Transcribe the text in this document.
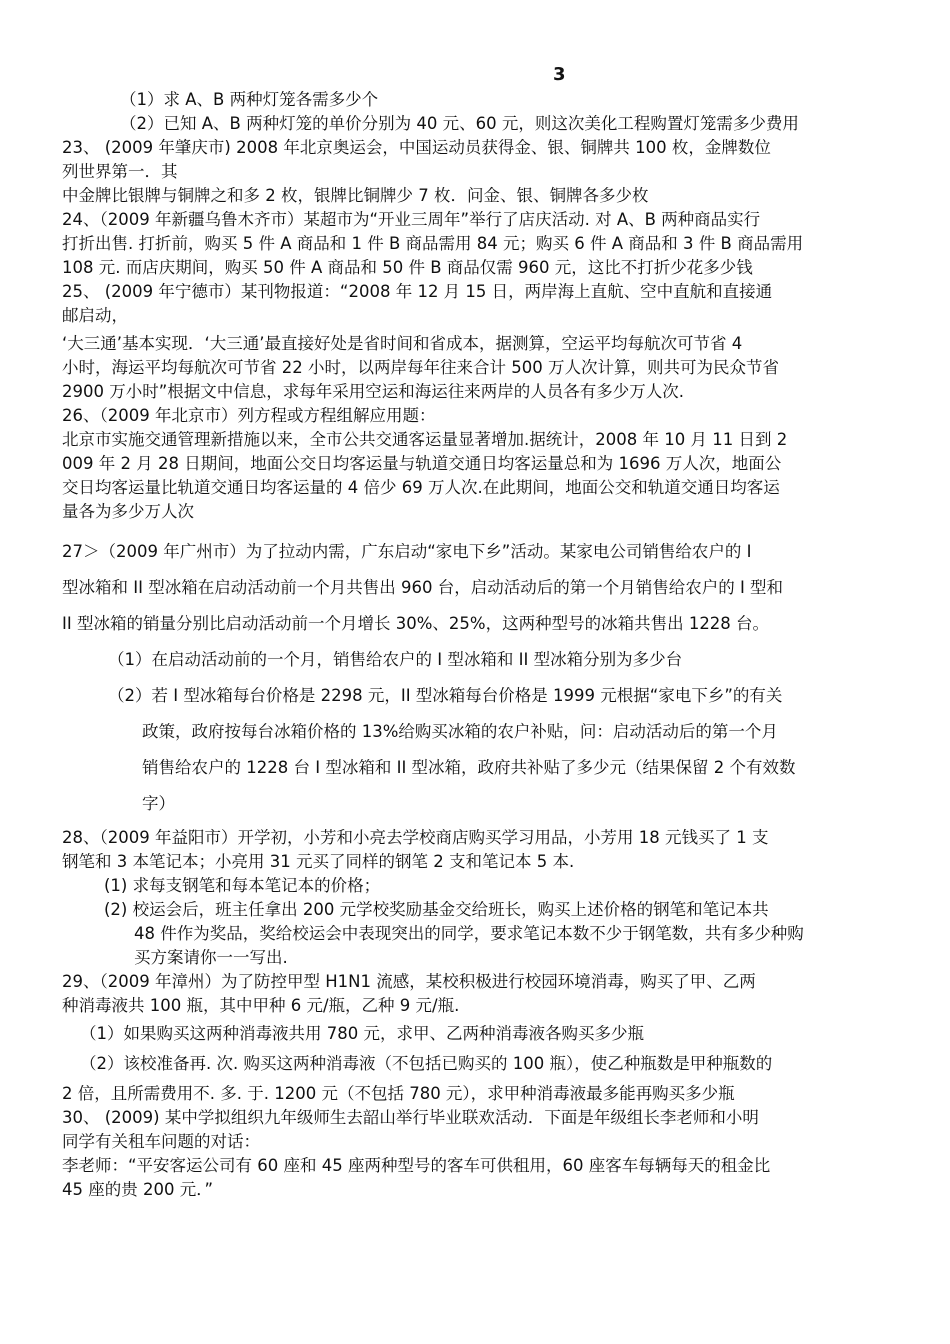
3
（1）求 A、B 两种灯笼各需多少个
（2）已知 A、B 两种灯笼的单价分别为 40 元、60 元，则这次美化工程购置灯笼需多少费用
23、 (2009 年肇庆市) 2008 年北京奥运会，中国运动员获得金、银、铜牌共 100 枚，金牌数位
列世界第一．其
中金牌比银牌与铜牌之和多 2 枚，银牌比铜牌少 7 枚．问金、银、铜牌各多少枚
24、（2009 年新疆乌鲁木齐市）某超市为“开业三周年”举行了店庆活动. 对 A、B 两种商品实行
打折出售. 打折前，购买 5 件 A 商品和 1 件 B 商品需用 84 元；购买 6 件 A 商品和 3 件 B 商品需用
108 元. 而店庆期间，购买 50 件 A 商品和 50 件 B 商品仅需 960 元，这比不打折少花多少钱
25、 (2009 年宁德市）某刊物报道：“2008 年 12 月 15 日，两岸海上直航、空中直航和直接通
邮启动，
‘大三通’基本实现．‘大三通’最直接好处是省时间和省成本，据测算，空运平均每航次可节省 4
小时，海运平均每航次可节省 22 小时，以两岸每年往来合计 500 万人次计算，则共可为民众节省
2900 万小时”根据文中信息，求每年采用空运和海运往来两岸的人员各有多少万人次.
26、（2009 年北京市）列方程或方程组解应用题：
北京市实施交通管理新措施以来，全市公共交通客运量显著增加.据统计，2008 年 10 月 11 日到 2
009 年 2 月 28 日期间，地面公交日均客运量与轨道交通日均客运量总和为 1696 万人次，地面公
交日均客运量比轨道交通日均客运量的 4 倍少 69 万人次.在此期间，地面公交和轨道交通日均客运
量各为多少万人次
27＞（2009 年广州市）为了拉动内需，广东启动“家电下乡”活动。某家电公司销售给农户的 I
型冰箱和 II 型冰箱在启动活动前一个月共售出 960 台，启动活动后的第一个月销售给农户的 I 型和
II 型冰箱的销量分别比启动活动前一个月增长 30%、25%，这两种型号的冰箱共售出 1228 台。
（1）在启动活动前的一个月，销售给农户的 I 型冰箱和 II 型冰箱分别为多少台
（2）若 I 型冰箱每台价格是 2298 元，II 型冰箱每台价格是 1999 元根据“家电下乡”的有关
政策，政府按每台冰箱价格的 13%给购买冰箱的农户补贴，问：启动活动后的第一个月
销售给农户的 1228 台 I 型冰箱和 II 型冰箱，政府共补贴了多少元（结果保留 2 个有效数
字）
28、（2009 年益阳市）开学初，小芳和小亮去学校商店购买学习用品，小芳用 18 元钱买了 1 支
钢笔和 3 本笔记本；小亮用 31 元买了同样的钢笔 2 支和笔记本 5 本.
(1) 求每支钢笔和每本笔记本的价格；
(2) 校运会后，班主任拿出 200 元学校奖励基金交给班长，购买上述价格的钢笔和笔记本共
48 件作为奖品，奖给校运会中表现突出的同学，要求笔记本数不少于钢笔数，共有多少种购
买方案请你一一写出.
29、（2009 年漳州）为了防控甲型 H1N1 流感，某校积极进行校园环境消毒，购买了甲、乙两
种消毒液共 100 瓶，其中甲种 6 元/瓶，乙种 9 元/瓶.
（1）如果购买这两种消毒液共用 780 元，求甲、乙两种消毒液各购买多少瓶
（2）该校准备再. 次. 购买这两种消毒液（不包括已购买的 100 瓶），使乙种瓶数是甲种瓶数的
2 倍，且所需费用不. 多. 于. 1200 元（不包括 780 元），求甲种消毒液最多能再购买多少瓶
30、 (2009) 某中学拟组织九年级师生去韶山举行毕业联欢活动．下面是年级组长李老师和小明
同学有关租车问题的对话：
李老师：“平安客运公司有 60 座和 45 座两种型号的客车可供租用，60 座客车每辆每天的租金比
45 座的贵 200 元．”
